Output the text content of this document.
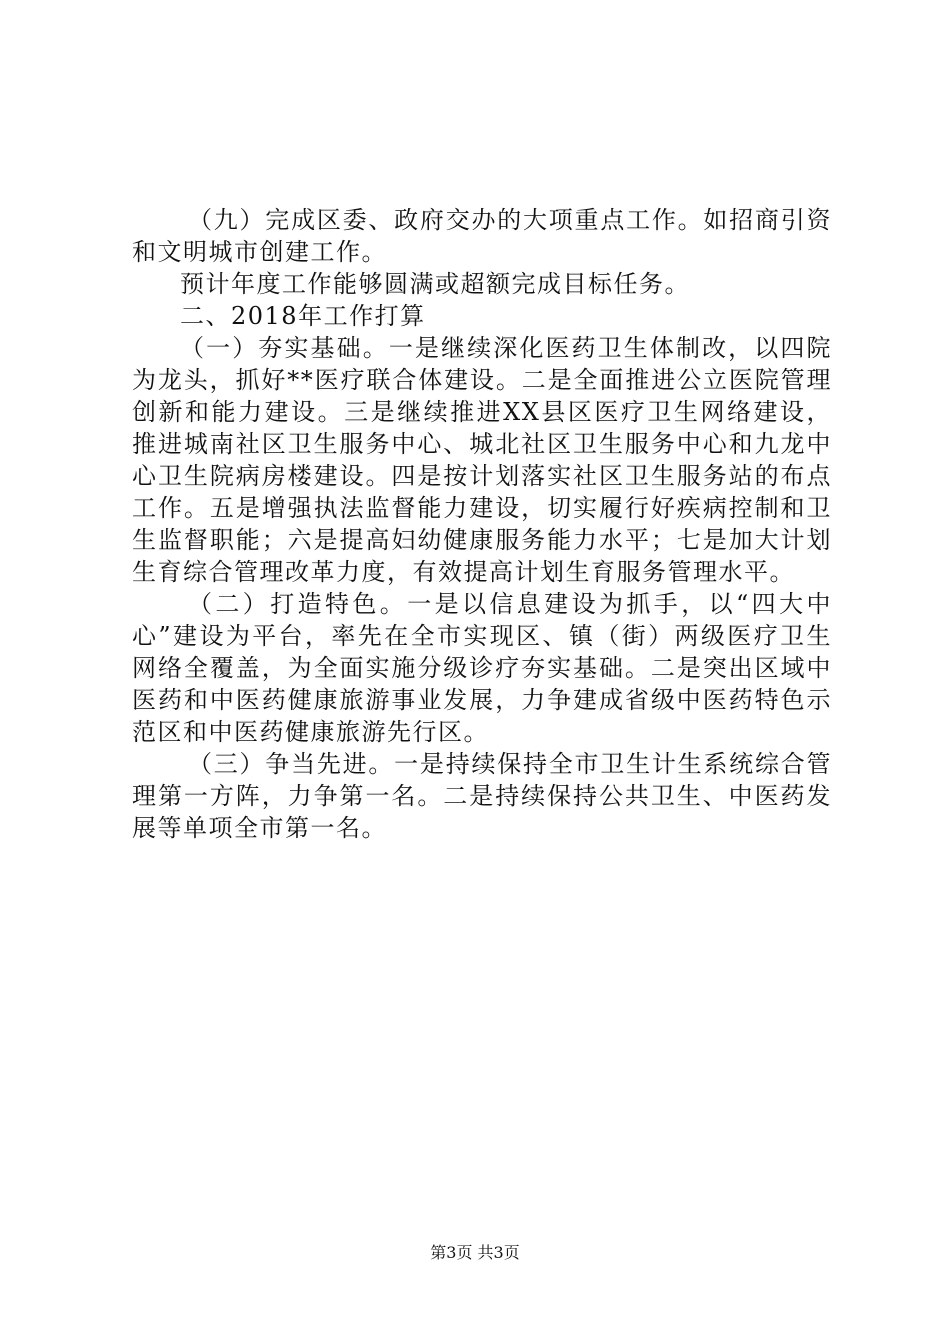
（九）完成区委、政府交办的大项重点工作。如招商引资和文明城市创建工作。

预计年度工作能够圆满或超额完成目标任务。

二、2018年工作打算

（一）夯实基础。一是继续深化医药卫生体制改，以四院为龙头，抓好**医疗联合体建设。二是全面推进公立医院管理创新和能力建设。三是继续推进XX县区医疗卫生网络建设，推进城南社区卫生服务中心、城北社区卫生服务中心和九龙中心卫生院病房楼建设。四是按计划落实社区卫生服务站的布点工作。五是增强执法监督能力建设，切实履行好疾病控制和卫生监督职能；六是提高妇幼健康服务能力水平；七是加大计划生育综合管理改革力度，有效提高计划生育服务管理水平。

（二）打造特色。一是以信息建设为抓手，以“四大中心”建设为平台，率先在全市实现区、镇（街）两级医疗卫生网络全覆盖，为全面实施分级诊疗夯实基础。二是突出区域中医药和中医药健康旅游事业发展，力争建成省级中医药特色示范区和中医药健康旅游先行区。

（三）争当先进。一是持续保持全市卫生计生系统综合管理第一方阵，力争第一名。二是持续保持公共卫生、中医药发展等单项全市第一名。

第3页 共3页
